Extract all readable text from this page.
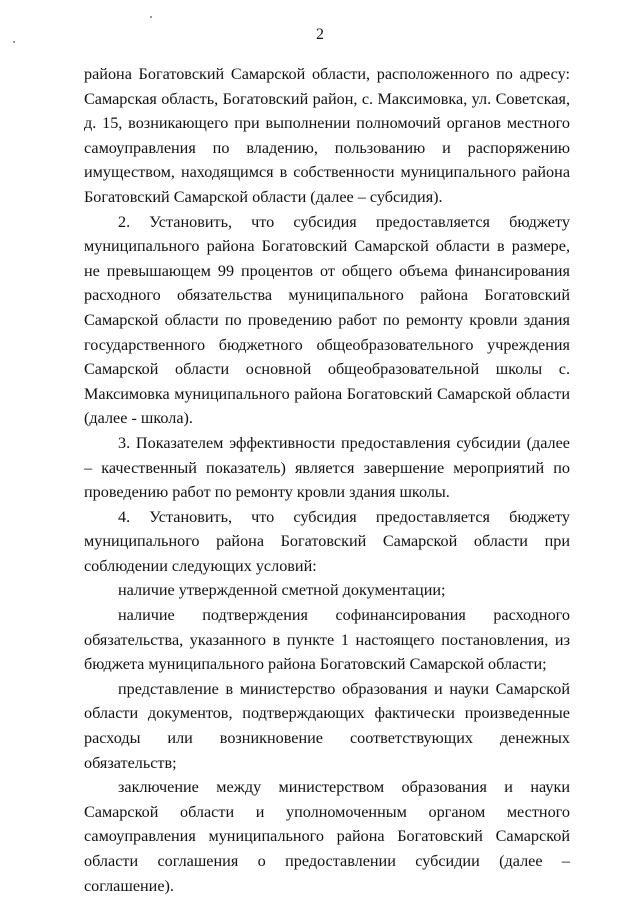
2

района Богатовский Самарской области, расположенного по адресу: Самарская область, Богатовский район, с. Максимовка, ул. Советская, д. 15, возникающего при выполнении полномочий органов местного самоуправления по владению, пользованию и распоряжению имуществом, находящимся в собственности муниципального района Богатовский Самарской области (далее – субсидия).

2. Установить, что субсидия предоставляется бюджету муниципального района Богатовский Самарской области в размере, не превышающем 99 процентов от общего объема финансирования расходного обязательства муниципального района Богатовский Самарской области по проведению работ по ремонту кровли здания государственного бюджетного общеобразовательного учреждения Самарской области основной общеобразовательной школы с. Максимовка муниципального района Богатовский Самарской области (далее - школа).

3. Показателем эффективности предоставления субсидии (далее – качественный показатель) является завершение мероприятий по проведению работ по ремонту кровли здания школы.

4. Установить, что субсидия предоставляется бюджету муниципального района Богатовский Самарской области при соблюдении следующих условий:

наличие утвержденной сметной документации;

наличие подтверждения софинансирования расходного обязательства, указанного в пункте 1 настоящего постановления, из бюджета муниципального района Богатовский Самарской области;

представление в министерство образования и науки Самарской области документов, подтверждающих фактически произведенные расходы или возникновение соответствующих денежных обязательств;

заключение между министерством образования и науки Самарской области и уполномоченным органом местного самоуправления муниципального района Богатовский Самарской области соглашения о предоставлении субсидии (далее – соглашение).
